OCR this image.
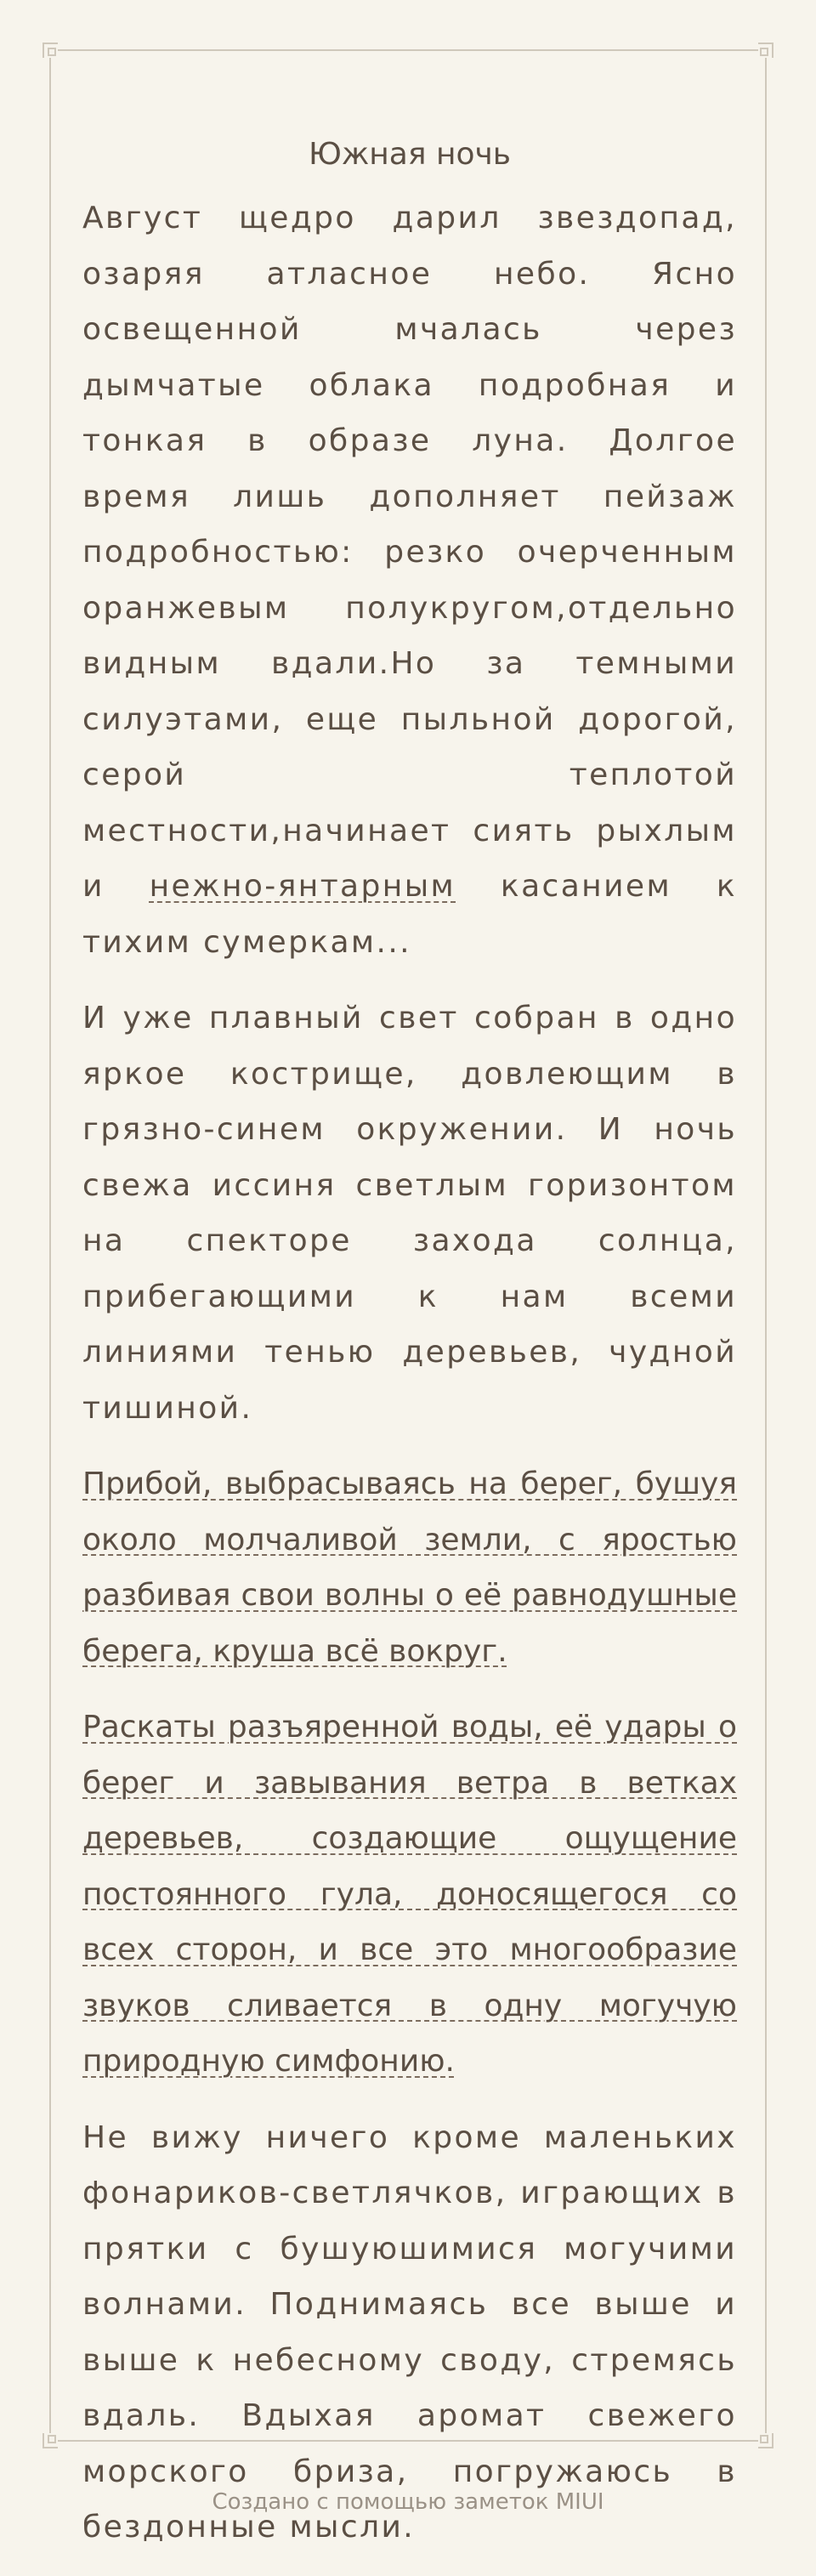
Южная ночь

Август щедро дарил звездопад, озаряя атласное небо. Ясно освещенной мчалась через дымчатые облака подробная и тонкая в образе луна. Долгое время лишь дополняет пейзаж подробностью: резко очерченным оранжевым полукругом,отдельно видным вдали.Но за темными силуэтами, еще пыльной дорогой, серой теплотой местности,начинает сиять рыхлым и нежно-янтарным касанием к тихим сумеркам...

И уже плавный свет собран в одно яркое кострище, довлеющим в грязно-синем окружении. И ночь свежа иссиня светлым горизонтом на спекторе захода солнца, прибегающими к нам всеми линиями тенью деревьев, чудной тишиной.

Прибой, выбрасываясь на берег, бушуя около молчаливой земли, с яростью разбивая свои волны о её равнодушные берега, круша всё вокруг.

Раскаты разъяренной воды, её удары о берег и завывания ветра в ветках деревьев, создающие ощущение постоянного гула, доносящегося со всех сторон, и все это многообразие звуков сливается в одну могучую природную симфонию.

Не вижу ничего кроме маленьких фонариков-светлячков, играющих в прятки с бушуюшимися могучими волнами. Поднимаясь все выше и выше к небесному своду, стремясь вдаль. Вдыхая аромат свежего морского бриза, погружаюсь в бездонные мысли.

Создано с помощью заметок MIUI
